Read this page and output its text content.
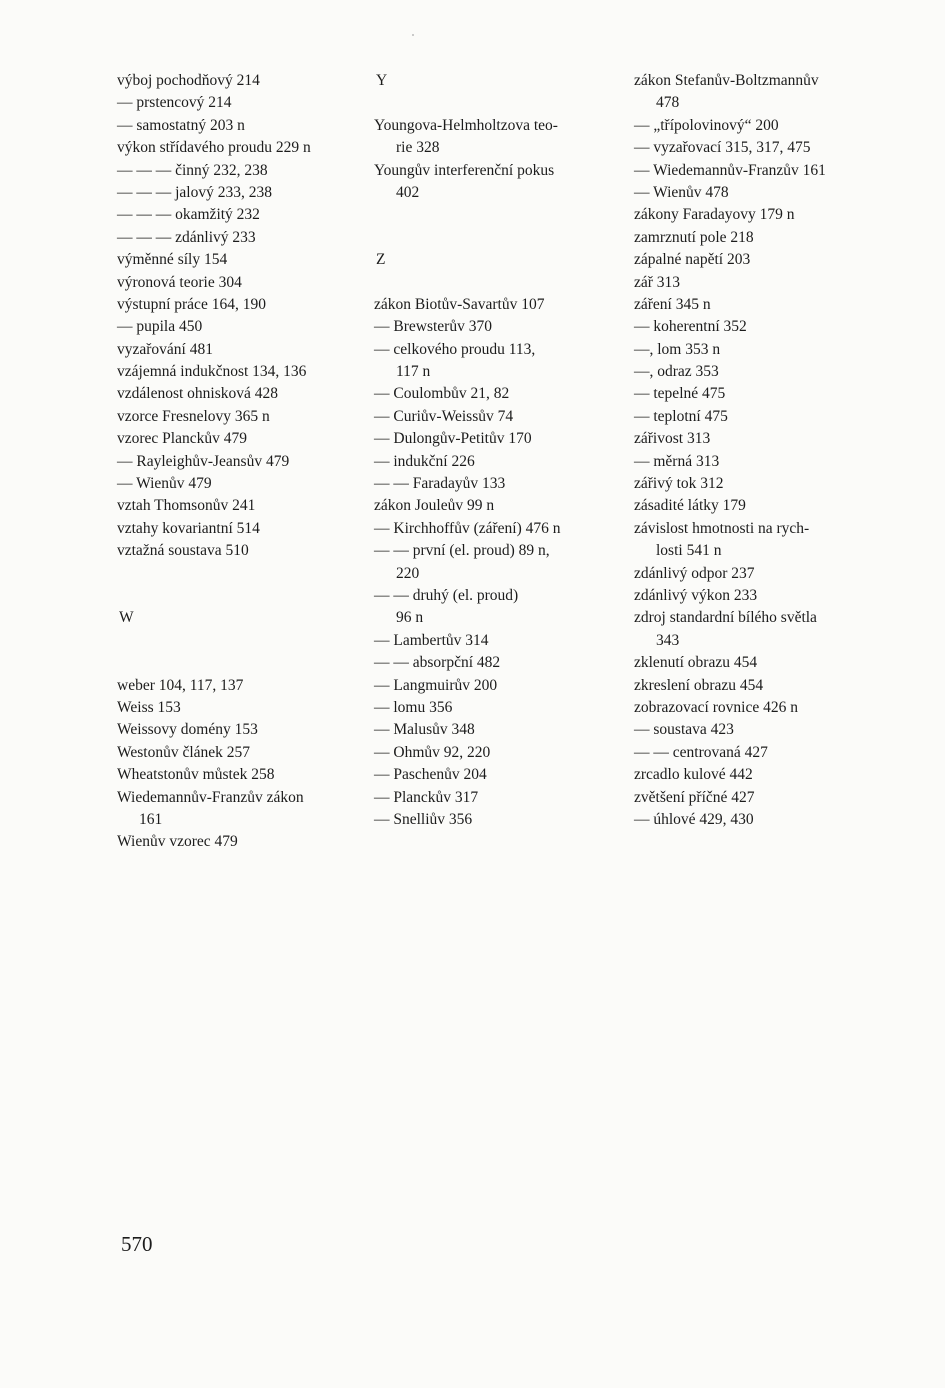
výboj pochodňový 214
— prstencový 214
— samostatný 203 n
výkon střídavého proudu 229 n
— — — činný 232, 238
— — — jalový 233, 238
— — — okamžitý 232
— — — zdánlivý 233
výměnné síly 154
výronová teorie 304
výstupní práce 164, 190
— pupila 450
vyzařování 481
vzájemná indukčnost 134, 136
vzdálenost ohnisková 428
vzorce Fresnelovy 365 n
vzorec Planckův 479
— Rayleighův-Jeansův 479
— Wienův 479
vztah Thomsonův 241
vztahy kovariantní 514
vztažná soustava 510
W
weber 104, 117, 137
Weiss 153
Weissovy domény 153
Westonův článek 257
Wheatstonův můstek 258
Wiedemannův-Franzův zákon
161
Wienův vzorec 479
Y
Youngova-Helmholtzova teo-
rie 328
Youngův interferenční pokus
402
Z
zákon Biotův-Savartův 107
— Brewsterův 370
— celkového proudu 113,
117 n
— Coulombův 21, 82
— Curiův-Weissův 74
— Dulongův-Petitův 170
— indukční 226
— — Faradayův 133
zákon Jouleův 99 n
— Kirchhoffův (záření) 476 n
— — první (el. proud) 89 n,
220
— — druhý (el. proud)
96 n
— Lambertův 314
— — absorpční 482
— Langmuirův 200
— lomu 356
— Malusův 348
— Ohmův 92, 220
— Paschenův 204
— Planckův 317
— Snelliův 356
zákon Stefanův-Boltzmannův
478
— „třípolovinový“ 200
— vyzařovací 315, 317, 475
— Wiedemannův-Franzův 161
— Wienův 478
zákony Faradayovy 179 n
zamrznutí pole 218
zápalné napětí 203
zář 313
záření 345 n
— koherentní 352
—, lom 353 n
—, odraz 353
— tepelné 475
— teplotní 475
zářivost 313
— měrná 313
zářivý tok 312
zásadité látky 179
závislost hmotnosti na rych-
losti 541 n
zdánlivý odpor 237
zdánlivý výkon 233
zdroj standardní bílého světla
343
zklenutí obrazu 454
zkreslení obrazu 454
zobrazovací rovnice 426 n
— soustava 423
— — centrovaná 427
zrcadlo kulové 442
zvětšení příčné 427
— úhlové 429, 430
570
